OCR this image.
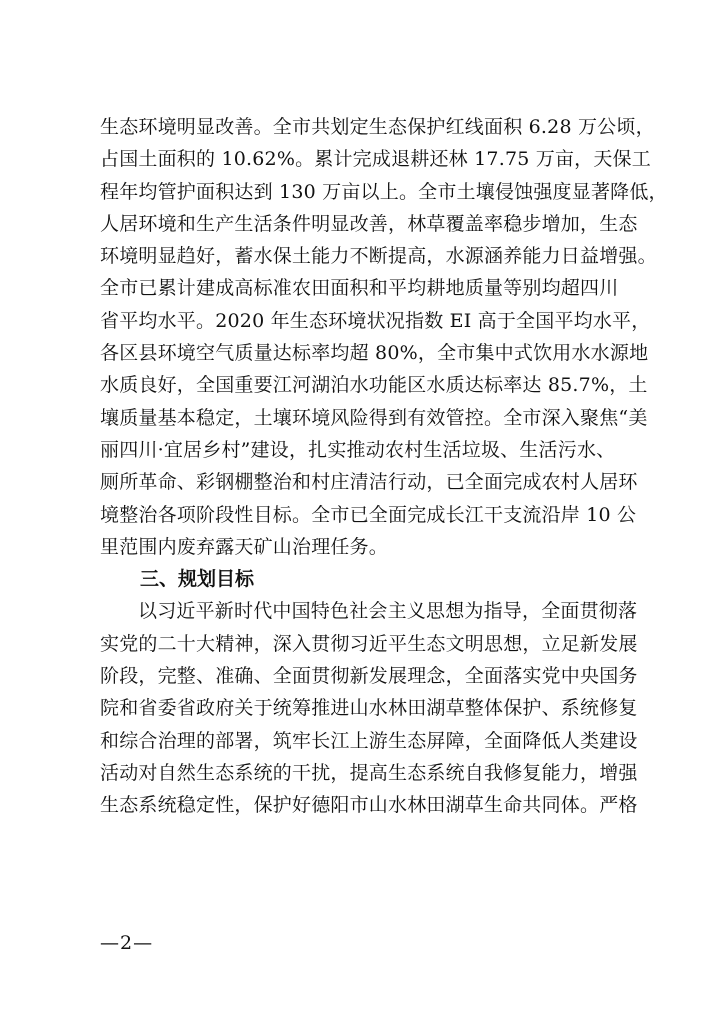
生态环境明显改善。全市共划定生态保护红线面积 6.28 万公顷，
占国土面积的 10.62%。累计完成退耕还林 17.75 万亩，天保工
程年均管护面积达到 130 万亩以上。全市土壤侵蚀强度显著降低，
人居环境和生产生活条件明显改善，林草覆盖率稳步增加，生态
环境明显趋好，蓄水保土能力不断提高，水源涵养能力日益增强。
全市已累计建成高标准农田面积和平均耕地质量等别均超四川
省平均水平。2020 年生态环境状况指数 EI 高于全国平均水平，
各区县环境空气质量达标率均超 80%，全市集中式饮用水水源地
水质良好，全国重要江河湖泊水功能区水质达标率达 85.7%，土
壤质量基本稳定，土壤环境风险得到有效管控。全市深入聚焦“美
丽四川·宜居乡村”建设，扎实推动农村生活垃圾、生活污水、
厕所革命、彩钢棚整治和村庄清洁行动，已全面完成农村人居环
境整治各项阶段性目标。全市已全面完成长江干支流沿岸 10 公
里范围内废弃露天矿山治理任务。
三、规划目标
以习近平新时代中国特色社会主义思想为指导，全面贯彻落
实党的二十大精神，深入贯彻习近平生态文明思想，立足新发展
阶段，完整、准确、全面贯彻新发展理念，全面落实党中央国务
院和省委省政府关于统筹推进山水林田湖草整体保护、系统修复
和综合治理的部署，筑牢长江上游生态屏障，全面降低人类建设
活动对自然生态系统的干扰，提高生态系统自我修复能力，增强
生态系统稳定性，保护好德阳市山水林田湖草生命共同体。严格
—2—
